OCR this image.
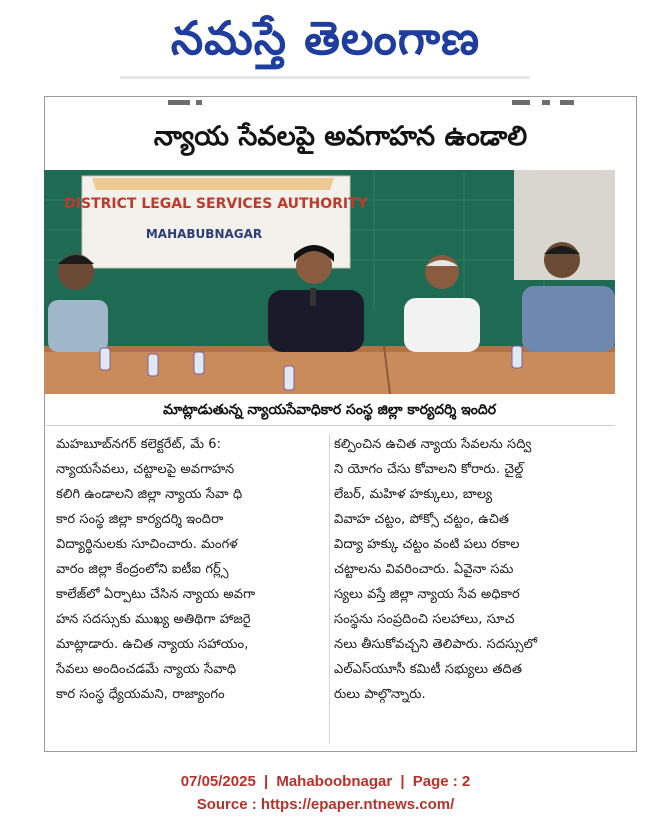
నమస్తే తెలంగాణ
న్యాయ సేవలపై అవగాహన ఉండాలి
DISTRICT LEGAL SERVICES AUTHORITY
MAHABUBNAGAR
మాట్లాడుతున్న న్యాయసేవాధికార సంస్థ జిల్లా కార్యదర్శి ఇందిర
మహబూబ్‌నగర్ కలెక్టరేట్, మే 6:
న్యాయసేవలు, చట్టాలపై అవగాహన
కలిగి ఉండాలని జిల్లా న్యాయ సేవా ధి
కార సంస్థ జిల్లా కార్యదర్శి ఇందిరా
విద్యార్థినులకు సూచించారు. మంగళ
వారం జిల్లా కేంద్రంలోని ఐటీఐ గర్ల్స్
కాలేజ్‌లో ఏర్పాటు చేసిన న్యాయ అవగా
హన సదస్సుకు ముఖ్య అతిథిగా హాజరై
మాట్లాడారు. ఉచిత న్యాయ సహాయం,
సేవలు అందించడమే న్యాయ సేవాధి
కార సంస్థ ధ్యేయమని, రాజ్యాంగం
కల్పించిన ఉచిత న్యాయ సేవలను సద్వి
ని యోగం చేసు కోవాలని కోరారు. చైల్డ్
లేబర్, మహిళ హక్కులు, బాల్య
వివాహ చట్టం, పోక్సో చట్టం, ఉచిత
విద్యా హక్కు చట్టం వంటి పలు రకాల
చట్టాలను వివరించారు. ఏవైనా సమ
స్యలు వస్తే జిల్లా న్యాయ సేవ అధికార
సంస్థను సంప్రదించి సలహాలు, సూచ
నలు తీసుకోవచ్చని తెలిపారు. సదస్సులో
ఎల్ఎస్‌యూసీ కమిటీ సభ్యులు తదిత
రులు పాల్గొన్నారు.
07/05/2025 | Mahaboobnagar | Page : 2
Source : https://epaper.ntnews.com/
